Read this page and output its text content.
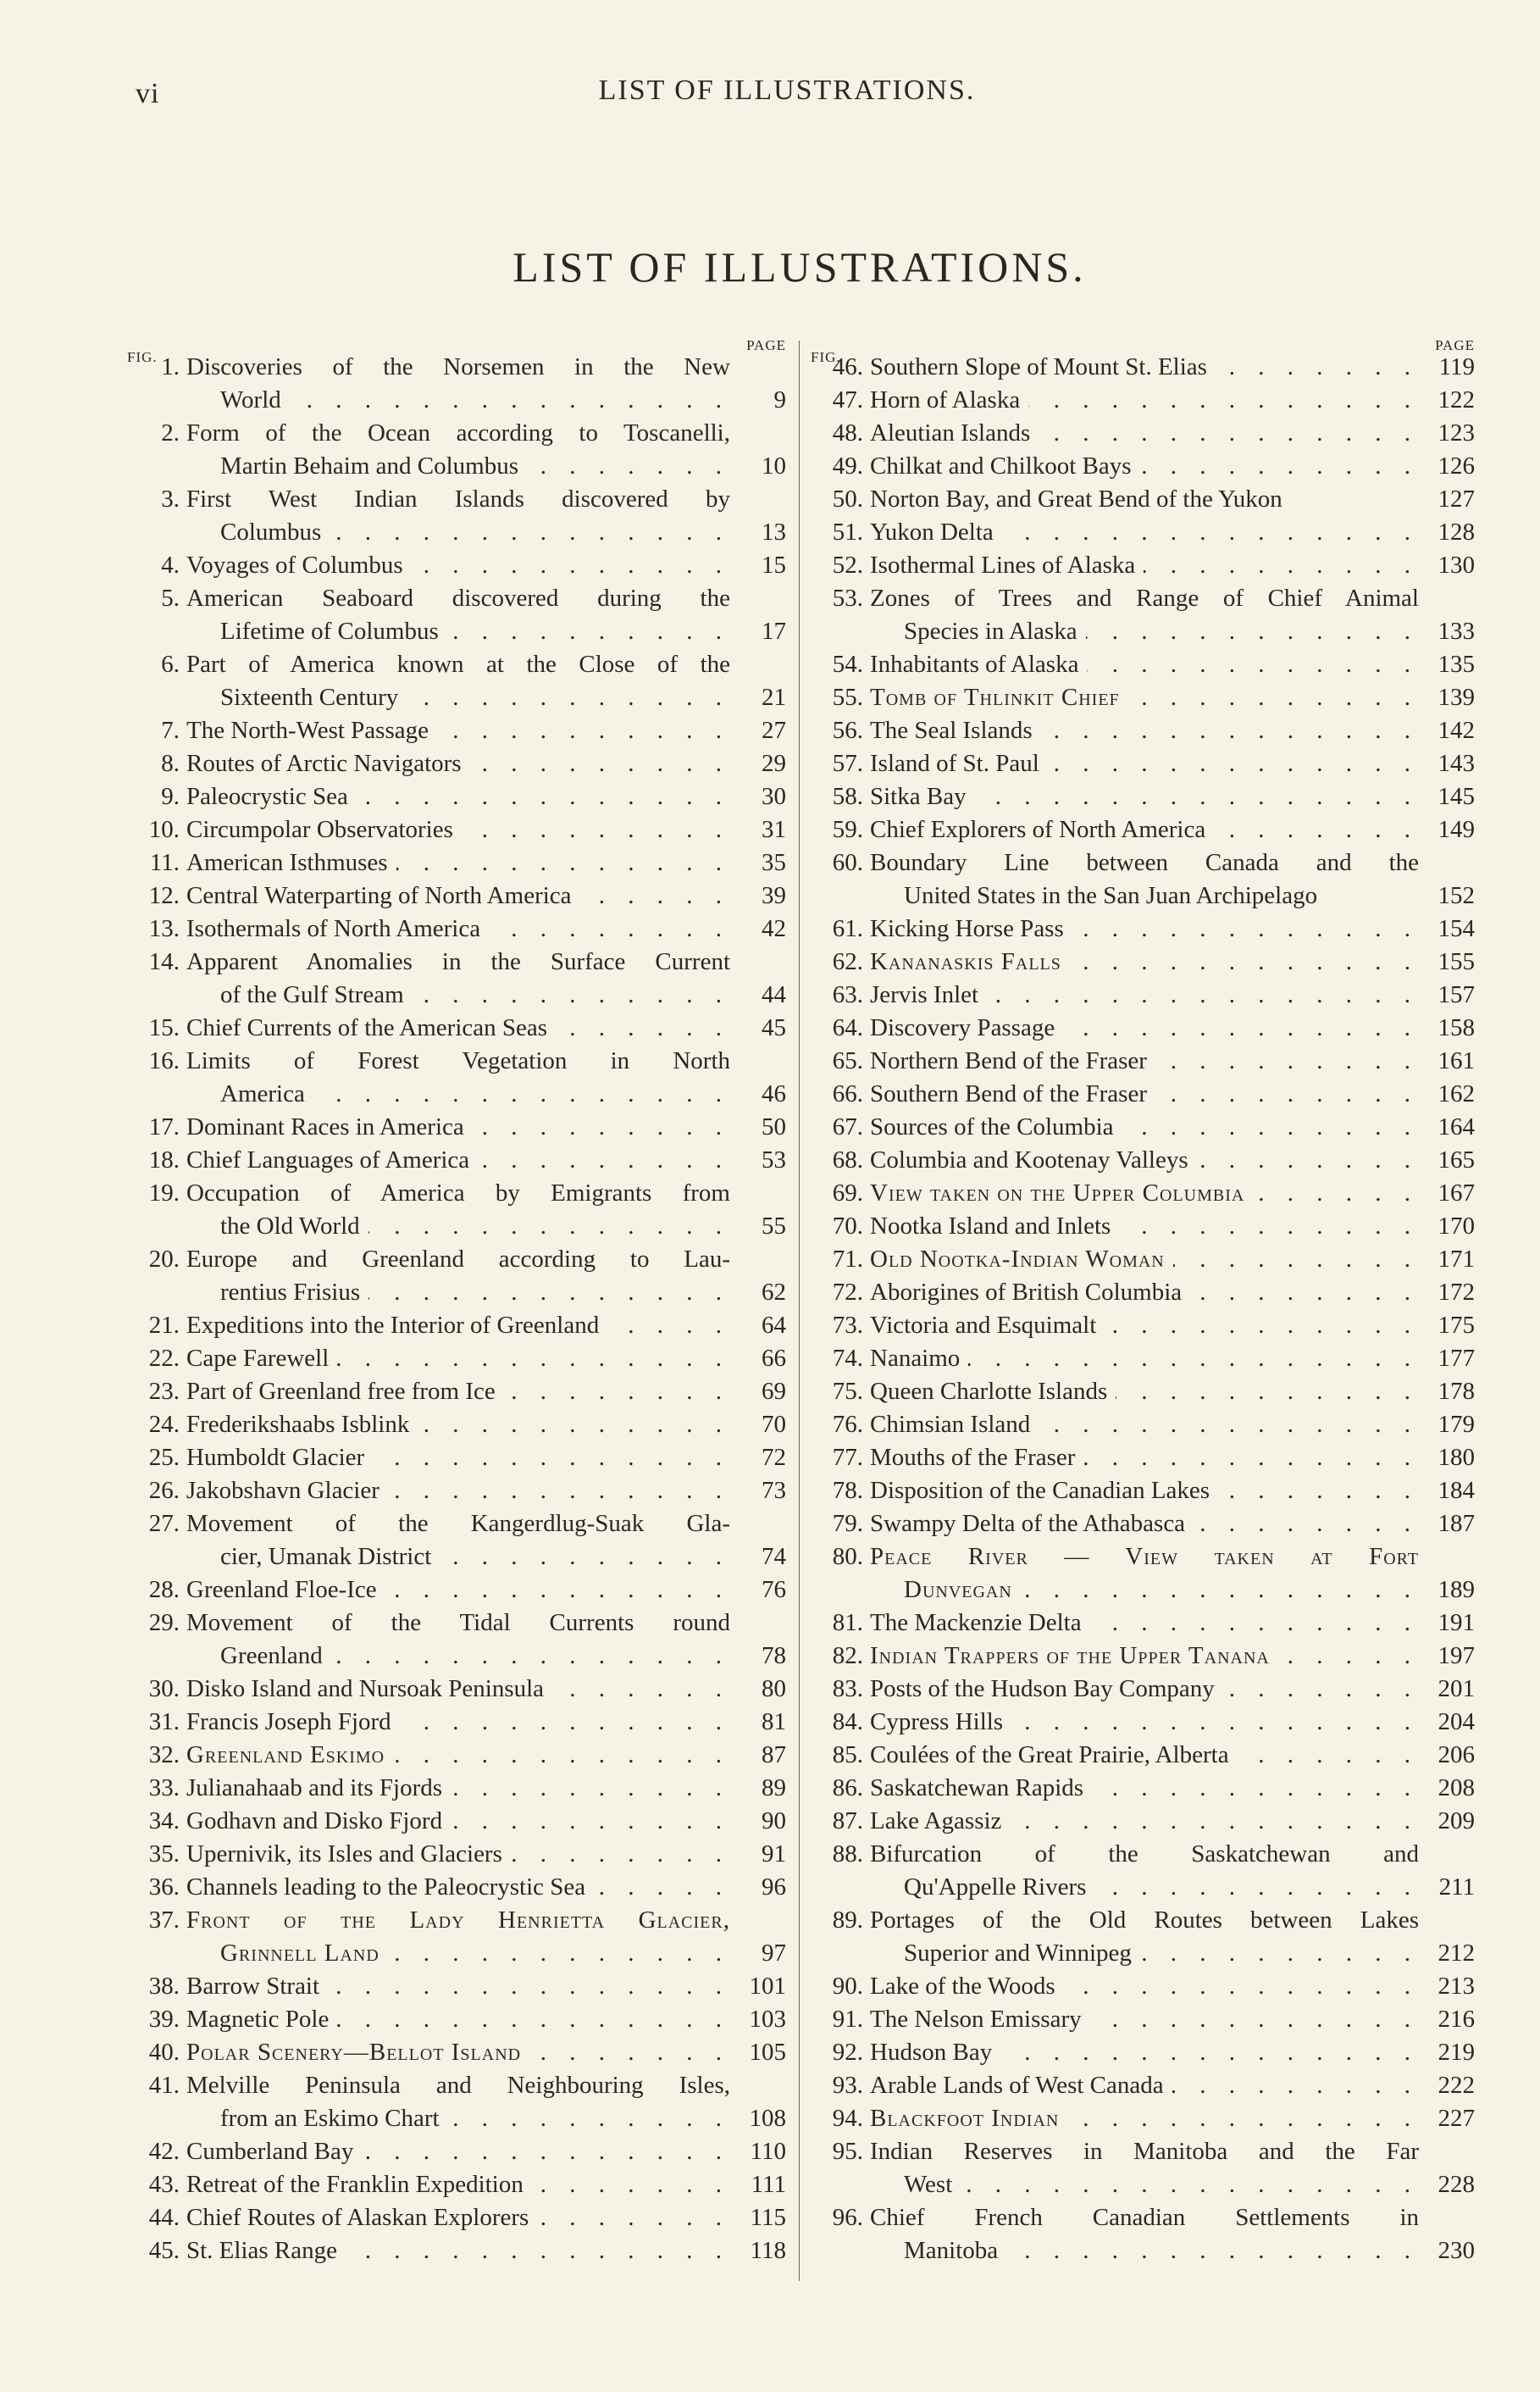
vi	LIST OF ILLUSTRATIONS.
LIST OF ILLUSTRATIONS.
FIG.
PAGE
1. Discoveries of the Norsemen in the New
World . . .	9
2. Form of the Ocean according to Toscanelli,
Martin Behaim and Columbus . . .	10
3. First West Indian Islands discovered by
Columbus . . .	13
4. Voyages of Columbus . . .	15
5. American Seaboard discovered during the
Lifetime of Columbus . . .	17
6. Part of America known at the Close of the
Sixteenth Century . . .	21
7. The North-West Passage . . .	27
8. Routes of Arctic Navigators . . .	29
9. Paleocrystic Sea . . .	30
10. Circumpolar Observatories . . .	31
11. American Isthmuses . . .	35
12. Central Waterparting of North America . . .	39
13. Isothermals of North America . . .	42
14. Apparent Anomalies in the Surface Current
of the Gulf Stream . . .	44
15. Chief Currents of the American Seas . . .	45
16. Limits of Forest Vegetation in North
America . . .	46
17. Dominant Races in America . . .	50
18. Chief Languages of America . . .	53
19. Occupation of America by Emigrants from
the Old World . . .	55
20. Europe and Greenland according to Lau-
rentius Frisius . . .	62
21. Expeditions into the Interior of Greenland . . .	64
22. Cape Farewell . . .	66
23. Part of Greenland free from Ice . . .	69
24. Frederikshaabs Isblink . . .	70
25. Humboldt Glacier . . .	72
26. Jakobshavn Glacier . . .	73
27. Movement of the Kangerdlug-Suak Gla-
cier, Umanak District . . .	74
28. Greenland Floe-Ice . . .	76
29. Movement of the Tidal Currents round
Greenland . . .	78
30. Disko Island and Nursoak Peninsula . . .	80
31. Francis Joseph Fjord . . .	81
32. Greenland Eskimo . . .	87
33. Julianahaab and its Fjords . . .	89
34. Godhavn and Disko Fjord . . .	90
35. Upernivik, its Isles and Glaciers . . .	91
36. Channels leading to the Paleocrystic Sea . . .	96
37. Front of the Lady Henrietta Glacier,
Grinnell Land . . .	97
38. Barrow Strait . . .	101
39. Magnetic Pole . . .	103
40. Polar Scenery—Bellot Island . . .	105
41. Melville Peninsula and Neighbouring Isles,
from an Eskimo Chart . . .	108
42. Cumberland Bay . . .	110
43. Retreat of the Franklin Expedition . . .	111
44. Chief Routes of Alaskan Explorers . . .	115
45. St. Elias Range . . .	118
FIG.
PAGE
46. Southern Slope of Mount St. Elias . . .	119
47. Horn of Alaska . . .	122
48. Aleutian Islands . . .	123
49. Chilkat and Chilkoot Bays . . .	126
50. Norton Bay, and Great Bend of the Yukon	127
51. Yukon Delta . . .	128
52. Isothermal Lines of Alaska . . .	130
53. Zones of Trees and Range of Chief Animal
Species in Alaska . . .	133
54. Inhabitants of Alaska . . .	135
55. Tomb of Thlinkit Chief . . .	139
56. The Seal Islands . . .	142
57. Island of St. Paul . . .	143
58. Sitka Bay . . .	145
59. Chief Explorers of North America . . .	149
60. Boundary Line between Canada and the
United States in the San Juan Archipelago	152
61. Kicking Horse Pass . . .	154
62. Kananaskis Falls . . .	155
63. Jervis Inlet . . .	157
64. Discovery Passage . . .	158
65. Northern Bend of the Fraser . . .	161
66. Southern Bend of the Fraser . . .	162
67. Sources of the Columbia . . .	164
68. Columbia and Kootenay Valleys . . .	165
69. View taken on the Upper Columbia . . .	167
70. Nootka Island and Inlets . . .	170
71. Old Nootka-Indian Woman . . .	171
72. Aborigines of British Columbia . . .	172
73. Victoria and Esquimalt . . .	175
74. Nanaimo . . .	177
75. Queen Charlotte Islands . . .	178
76. Chimsian Island . . .	179
77. Mouths of the Fraser . . .	180
78. Disposition of the Canadian Lakes . . .	184
79. Swampy Delta of the Athabasca . . .	187
80. Peace River — View taken at Fort
Dunvegan . . .	189
81. The Mackenzie Delta . . .	191
82. Indian Trappers of the Upper Tanana . . .	197
83. Posts of the Hudson Bay Company . . .	201
84. Cypress Hills . . .	204
85. Coulées of the Great Prairie, Alberta . . .	206
86. Saskatchewan Rapids . . .	208
87. Lake Agassiz . . .	209
88. Bifurcation of the Saskatchewan and
Qu'Appelle Rivers . . .	211
89. Portages of the Old Routes between Lakes
Superior and Winnipeg . . .	212
90. Lake of the Woods . . .	213
91. The Nelson Emissary . . .	216
92. Hudson Bay . . .	219
93. Arable Lands of West Canada . . .	222
94. Blackfoot Indian . . .	227
95. Indian Reserves in Manitoba and the Far
West . . .	228
96. Chief French Canadian Settlements in
Manitoba . . .	230
